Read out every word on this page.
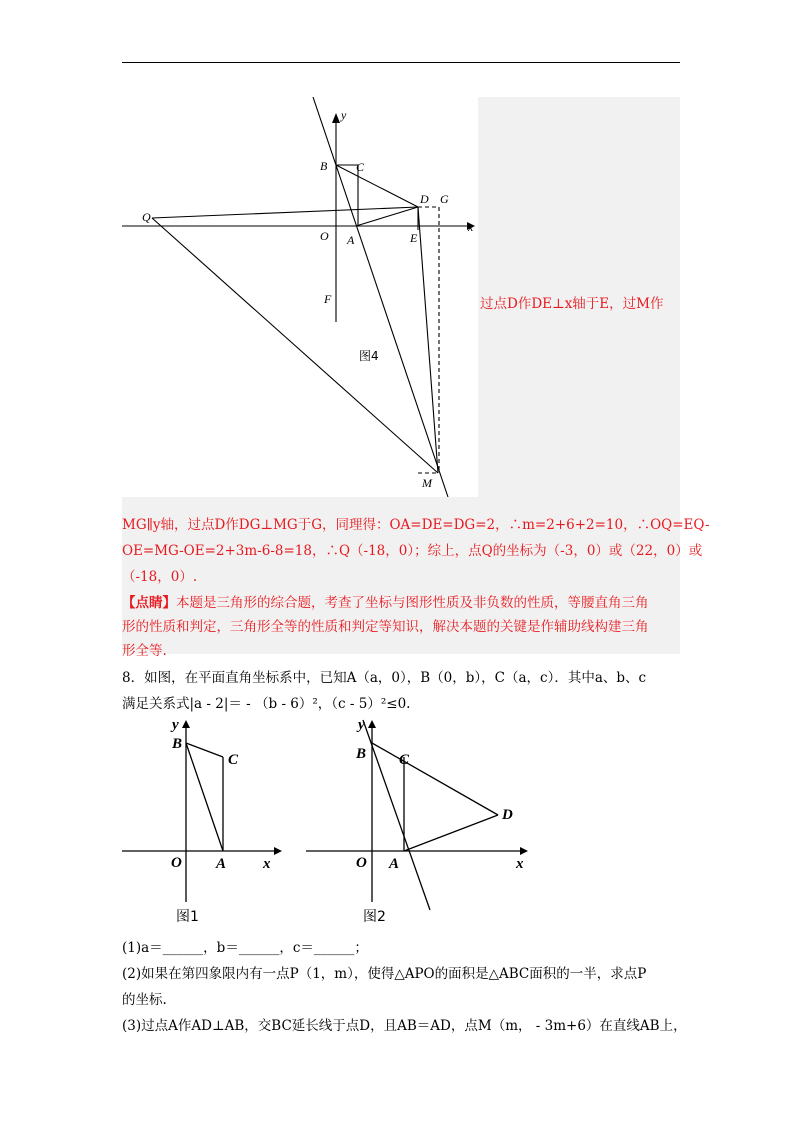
y
x
B C
D G
Q
O A	E
F
M
图4
过点D作DE⊥x轴于E，过M作
MG∥y轴，过点D作DG⊥MG于G，同理得：OA=DE=DG=2，∴m=2+6+2=10，∴OQ=EQ-
OE=MG-OE=2+3m-6-8=18，∴Q（-18，0）；综上，点Q的坐标为（-3，0）或（22，0）或
（-18，0）.
【点睛】本题是三角形的综合题，考查了坐标与图形性质及非负数的性质，等腰直角三角
形的性质和判定，三角形全等的性质和判定等知识，解决本题的关键是作辅助线构建三角
形全等.
8．如图，在平面直角坐标系中，已知A（a，0），B（0，b），C（a，c）．其中a、b、c
满足关系式|a - 2|＝ - （b - 6）²，（c - 5）²≤0.
y
B
C
O A x
图1
y
B C
D
O A	x
图2
(1)a＝______，b＝______，c＝______；
(2)如果在第四象限内有一点P（1，m），使得△APO的面积是△ABC面积的一半，求点P
的坐标.
(3)过点A作AD⊥AB，交BC延长线于点D，且AB＝AD，点M（m， - 3m+6）在直线AB上，
